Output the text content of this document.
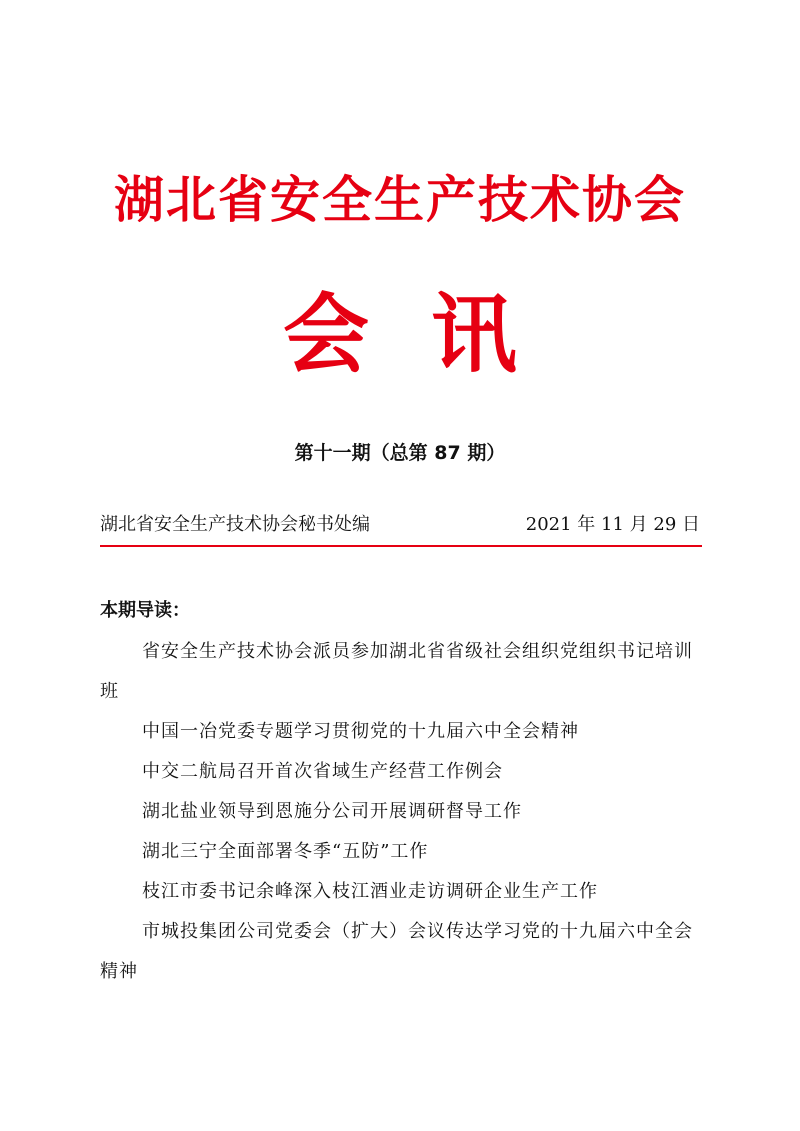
湖北省安全生产技术协会
会讯
第十一期（总第 87 期）
湖北省安全生产技术协会秘书处编	2021 年 11 月 29 日
本期导读：
省安全生产技术协会派员参加湖北省省级社会组织党组织书记培训班
中国一冶党委专题学习贯彻党的十九届六中全会精神
中交二航局召开首次省域生产经营工作例会
湖北盐业领导到恩施分公司开展调研督导工作
湖北三宁全面部署冬季“五防”工作
枝江市委书记余峰深入枝江酒业走访调研企业生产工作
市城投集团公司党委会（扩大）会议传达学习党的十九届六中全会精神
